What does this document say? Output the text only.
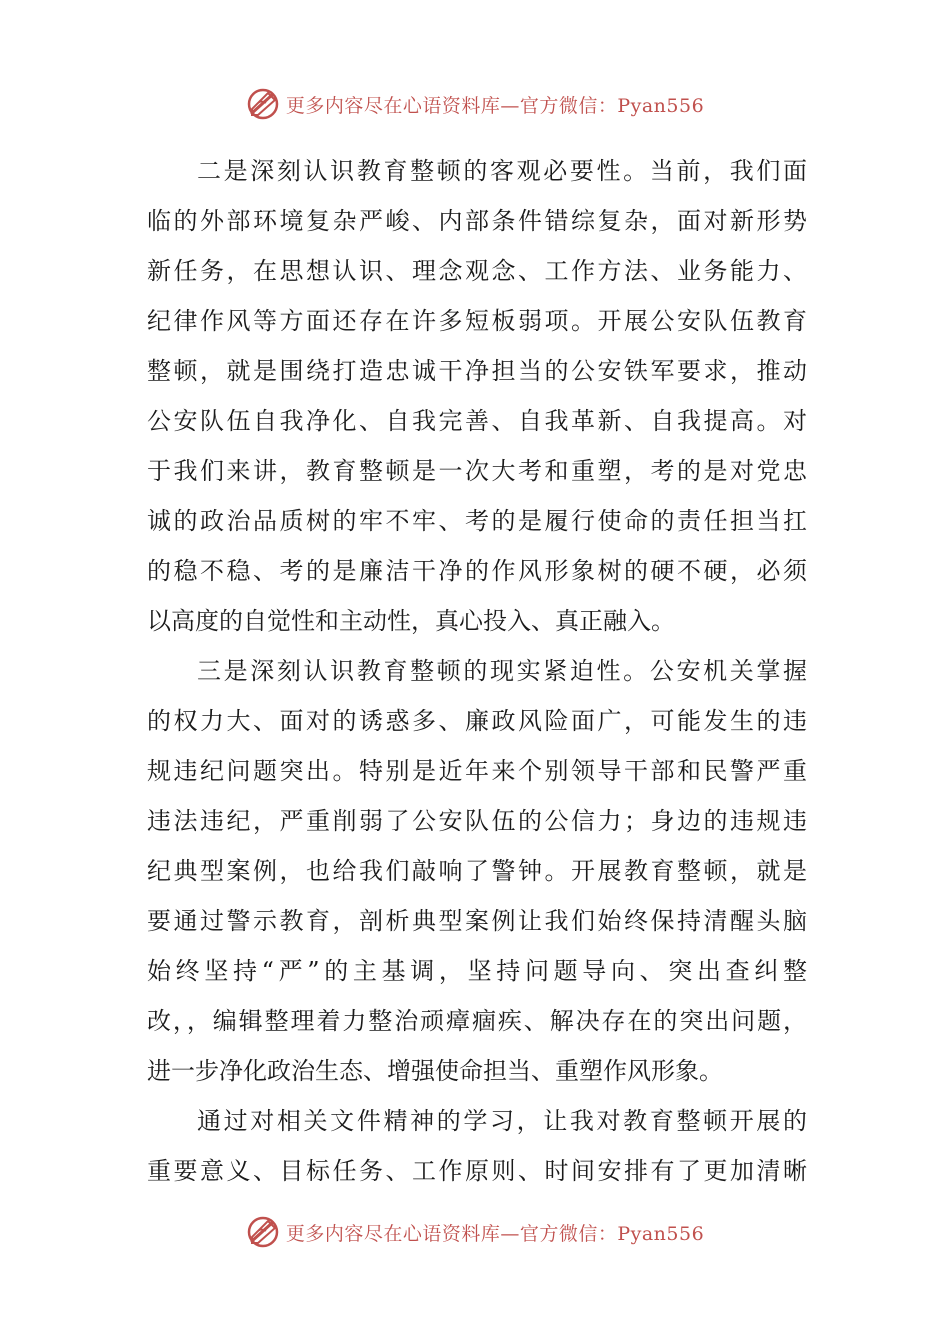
更多内容尽在心语资料库—官方微信：Pyan556
二是深刻认识教育整顿的客观必要性。当前，我们面
临的外部环境复杂严峻、内部条件错综复杂，面对新形势
新任务，在思想认识、理念观念、工作方法、业务能力、
纪律作风等方面还存在许多短板弱项。开展公安队伍教育
整顿，就是围绕打造忠诚干净担当的公安铁军要求，推动
公安队伍自我净化、自我完善、自我革新、自我提高。对
于我们来讲，教育整顿是一次大考和重塑，考的是对党忠
诚的政治品质树的牢不牢、考的是履行使命的责任担当扛
的稳不稳、考的是廉洁干净的作风形象树的硬不硬，必须
以高度的自觉性和主动性，真心投入、真正融入。
三是深刻认识教育整顿的现实紧迫性。公安机关掌握
的权力大、面对的诱惑多、廉政风险面广，可能发生的违
规违纪问题突出。特别是近年来个别领导干部和民警严重
违法违纪，严重削弱了公安队伍的公信力；身边的违规违
纪典型案例，也给我们敲响了警钟。开展教育整顿，就是
要通过警示教育，剖析典型案例让我们始终保持清醒头脑
始终坚持“严”的主基调，坚持问题导向、突出查纠整
改，，编辑整理着力整治顽瘴痼疾、解决存在的突出问题，
进一步净化政治生态、增强使命担当、重塑作风形象。
通过对相关文件精神的学习，让我对教育整顿开展的
重要意义、目标任务、工作原则、时间安排有了更加清晰
更多内容尽在心语资料库—官方微信：Pyan556
